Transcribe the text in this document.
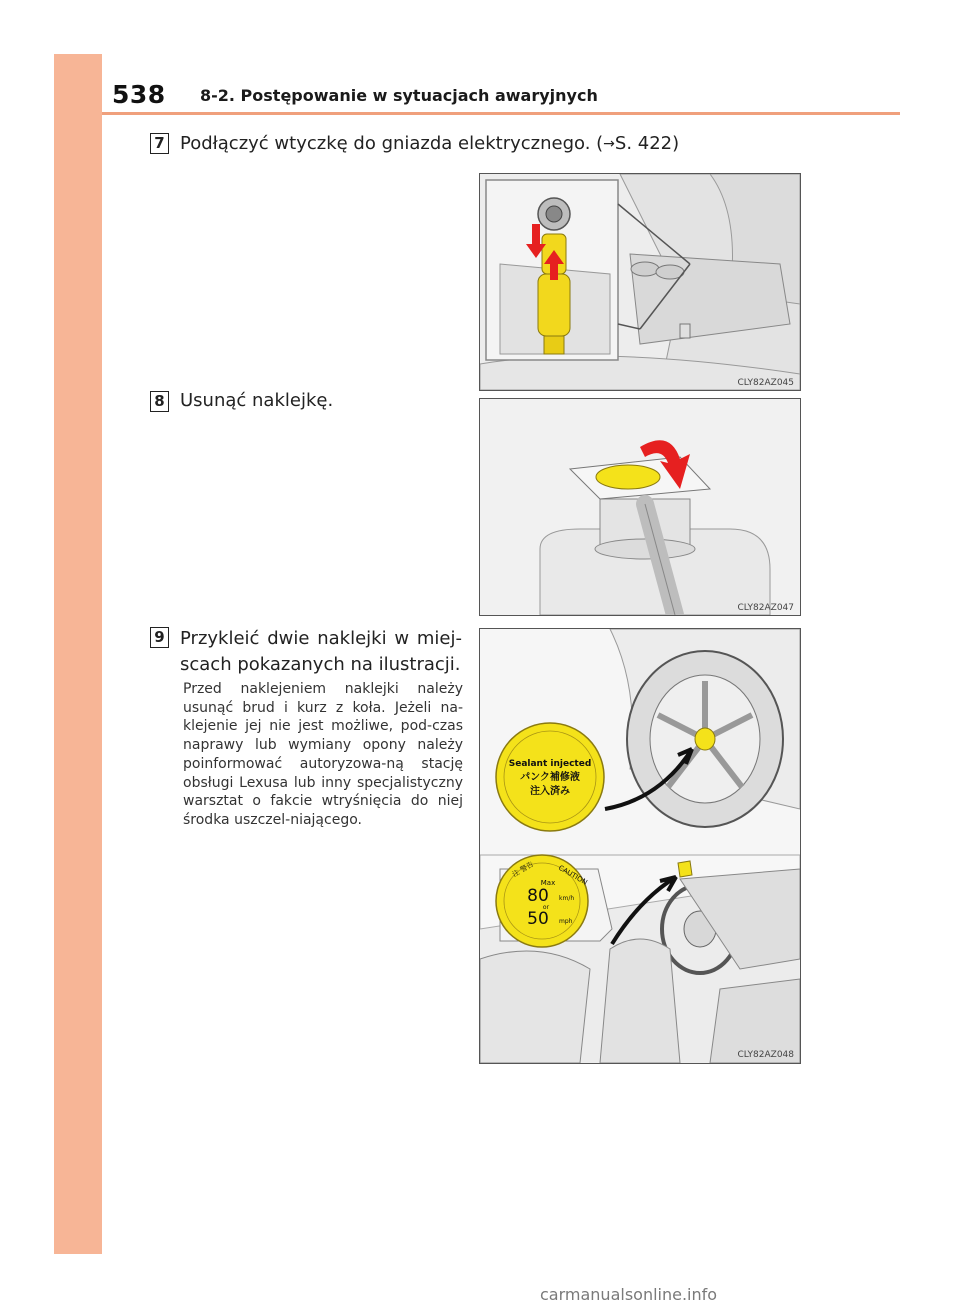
538 8-2. Postępowanie w sytuacjach awaryjnych
7 Podłączyć wtyczkę do gniazda elektrycznego. (→S. 422)
CLY82AZ045
8 Usunąć naklejkę.
CLY82AZ047
9 Przykleić dwie naklejki w miej-scach pokazanych na ilustracji.
Przed naklejeniem naklejki należy usunąć brud i kurz z koła. Jeżeli na-klejenie jej nie jest możliwe, pod-czas naprawy lub wymiany opony należy poinformować autoryzowa-ną stację obsługi Lexusa lub inny specjalistyczny warsztat o fakcie wtryśnięcia do niej środka uszczel-niającego.
Sealant injected
パンク補修液
注入済み
注 警告	CAUTION
Max
80 km/h
or
50 mph
CLY82AZ048
carmanualsonline.info
